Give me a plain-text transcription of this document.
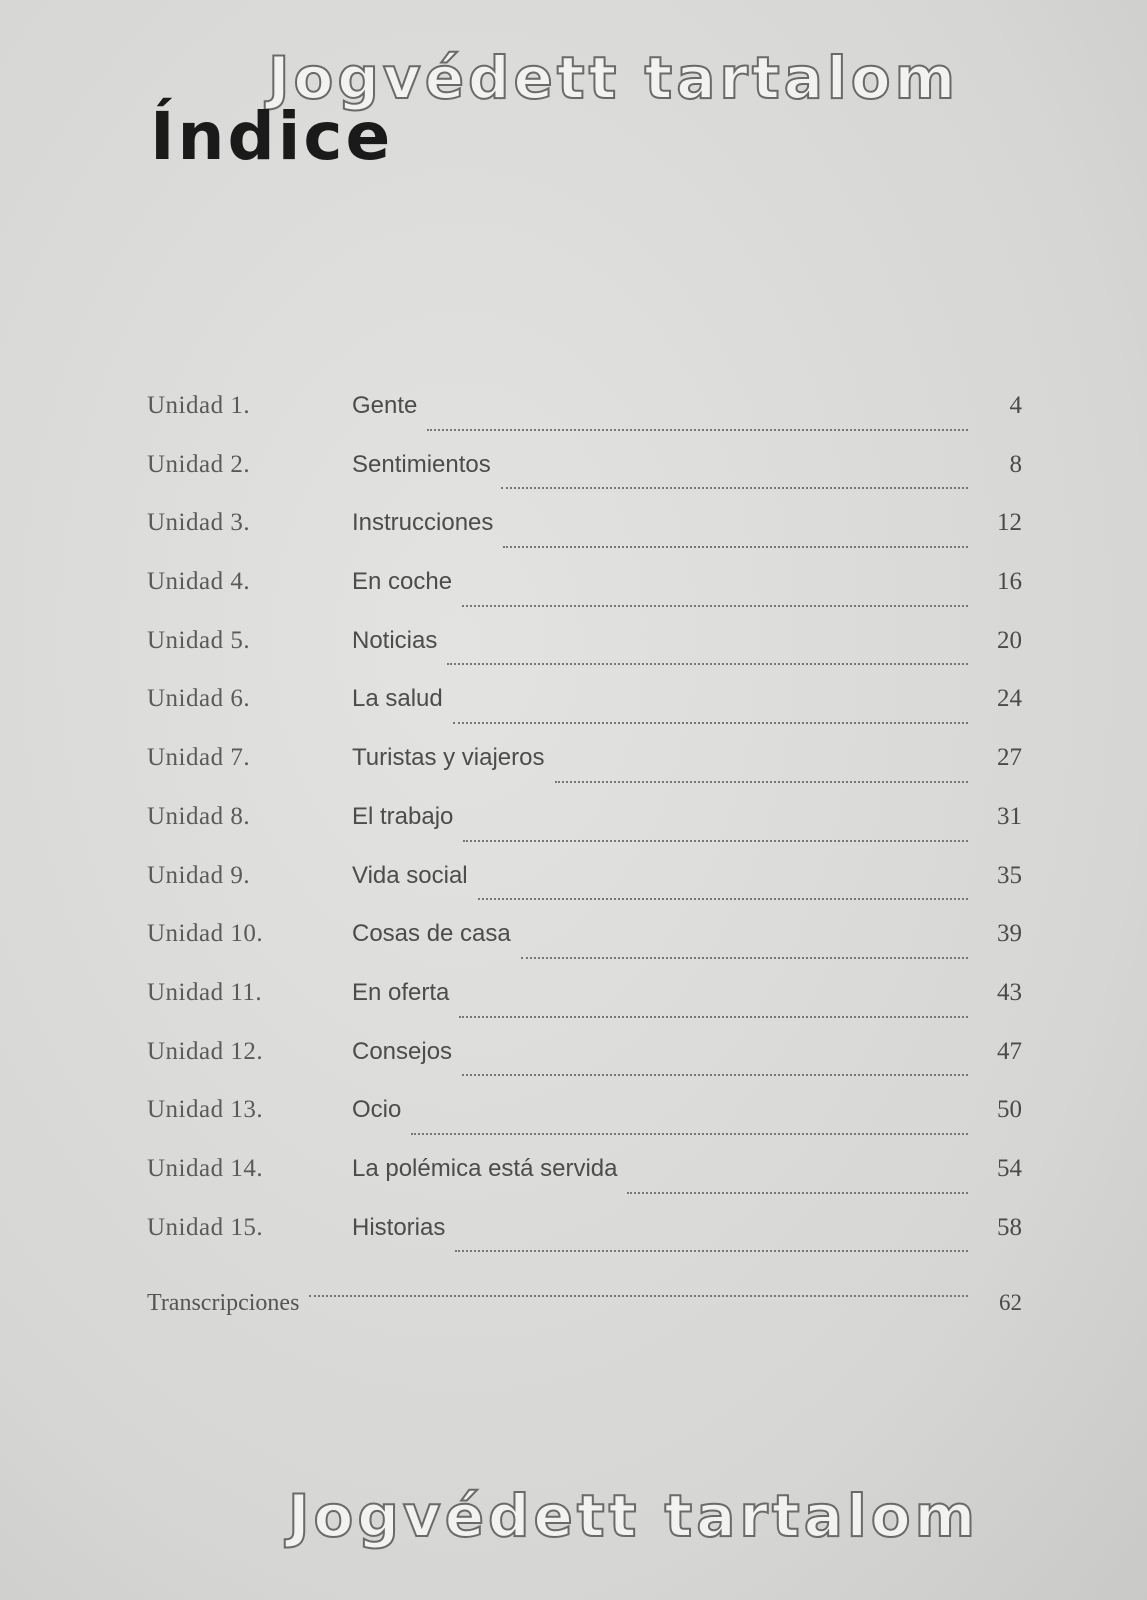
Jogvédett tartalom
Índice
Unidad 1.	Gente	4
Unidad 2.	Sentimientos	8
Unidad 3.	Instrucciones	12
Unidad 4.	En coche	16
Unidad 5.	Noticias	20
Unidad 6.	La salud	24
Unidad 7.	Turistas y viajeros	27
Unidad 8.	El trabajo	31
Unidad 9.	Vida social	35
Unidad 10.	Cosas de casa	39
Unidad 11.	En oferta	43
Unidad 12.	Consejos	47
Unidad 13.	Ocio	50
Unidad 14.	La polémica está servida	54
Unidad 15.	Historias	58
Transcripciones	62
Jogvédett tartalom
